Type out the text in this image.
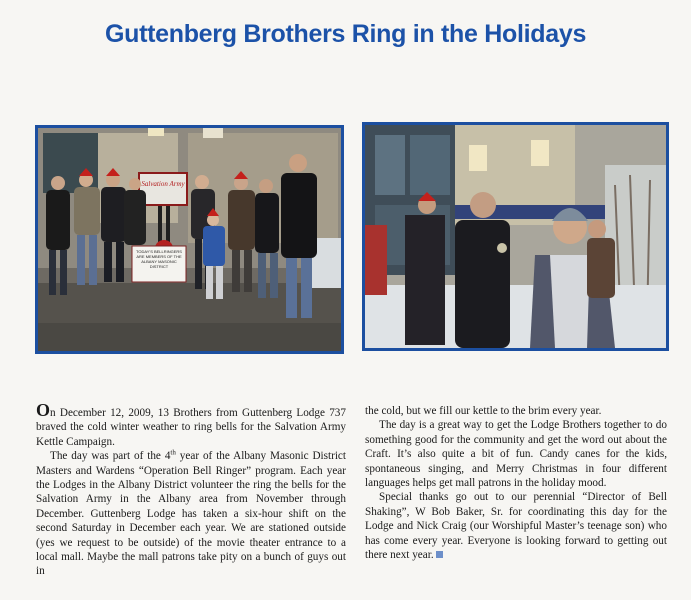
Guttenberg Brothers Ring in the Holidays
Salvation Army
TODAY'S BELLRINGERS ARE MEMBERS OF THE ALBANY MASONIC DISTRICT

On December 12, 2009, 13 Brothers from Guttenberg Lodge 737 braved the cold winter weather to ring bells for the Salvation Army Kettle Campaign.

The day was part of the 4th year of the Albany Masonic District Masters and Wardens “Operation Bell Ringer” program. Each year the Lodges in the Albany District volunteer the ring the bells for the Salvation Army in the Albany area from November through December. Guttenberg Lodge has taken a six-hour shift on the second Saturday in December each year. We are stationed outside (yes we request to be outside) of the movie theater entrance to a local mall. Maybe the mall patrons take pity on a bunch of guys out in

the cold, but we fill our kettle to the brim every year.

The day is a great way to get the Lodge Brothers together to do something good for the community and get the word out about the Craft. It’s also quite a bit of fun. Candy canes for the kids, spontaneous singing, and Merry Christmas in four different languages helps get mall patrons in the holiday mood.

Special thanks go out to our perennial “Director of Bell Shaking”, W Bob Baker, Sr. for coordinating this day for the Lodge and Nick Craig (our Worshipful Master’s teenage son) who has come every year. Everyone is looking forward to getting out there next year.
